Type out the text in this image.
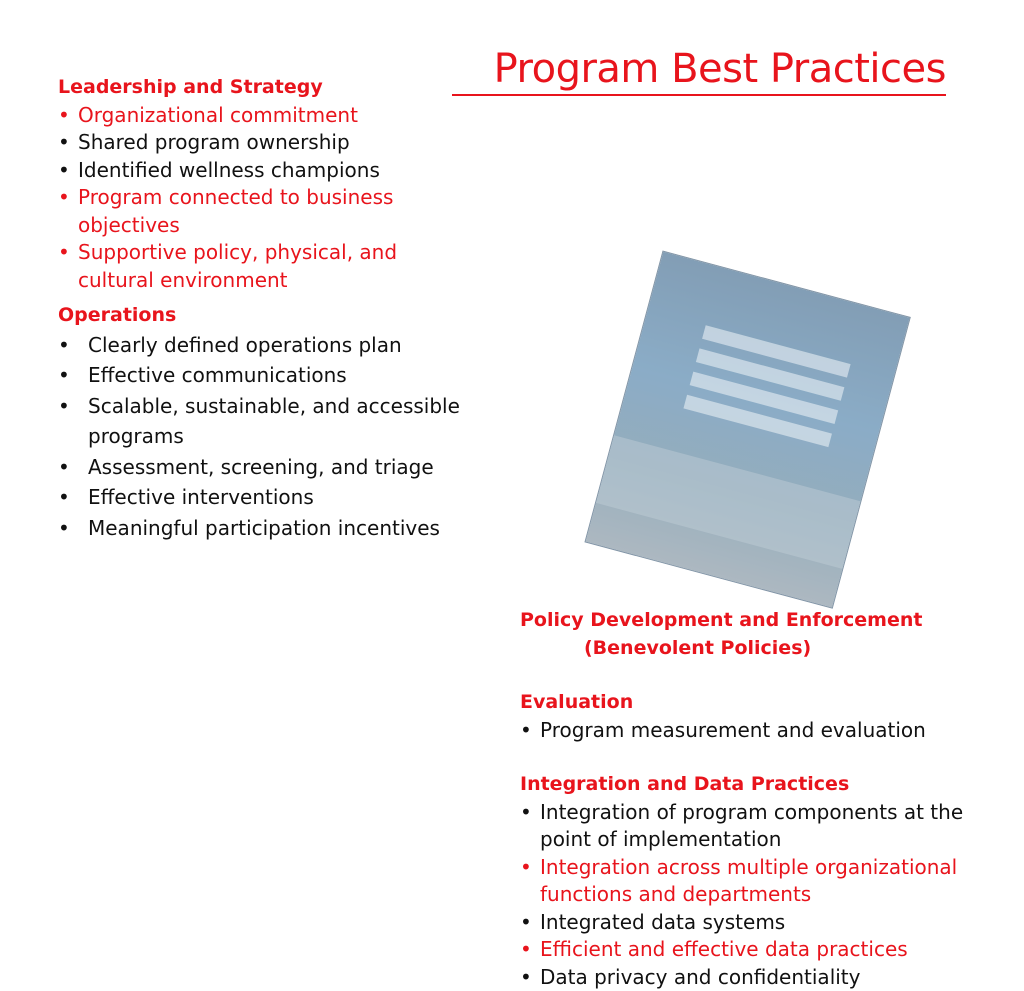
Program Best Practices
Leadership and Strategy
• Organizational commitment
• Shared program ownership
• Identified wellness champions
• Program connected to business objectives
• Supportive policy, physical, and cultural environment
Operations
• Clearly defined operations plan
• Effective communications
• Scalable, sustainable, and accessible programs
• Assessment, screening, and triage
• Effective interventions
• Meaningful participation incentives
Policy Development and Enforcement
(Benevolent Policies)
Evaluation
• Program measurement and evaluation
Integration and Data Practices
• Integration of program components at the point of implementation
• Integration across multiple organizational functions and departments
• Integrated data systems
• Efficient and effective data practices
• Data privacy and confidentiality
